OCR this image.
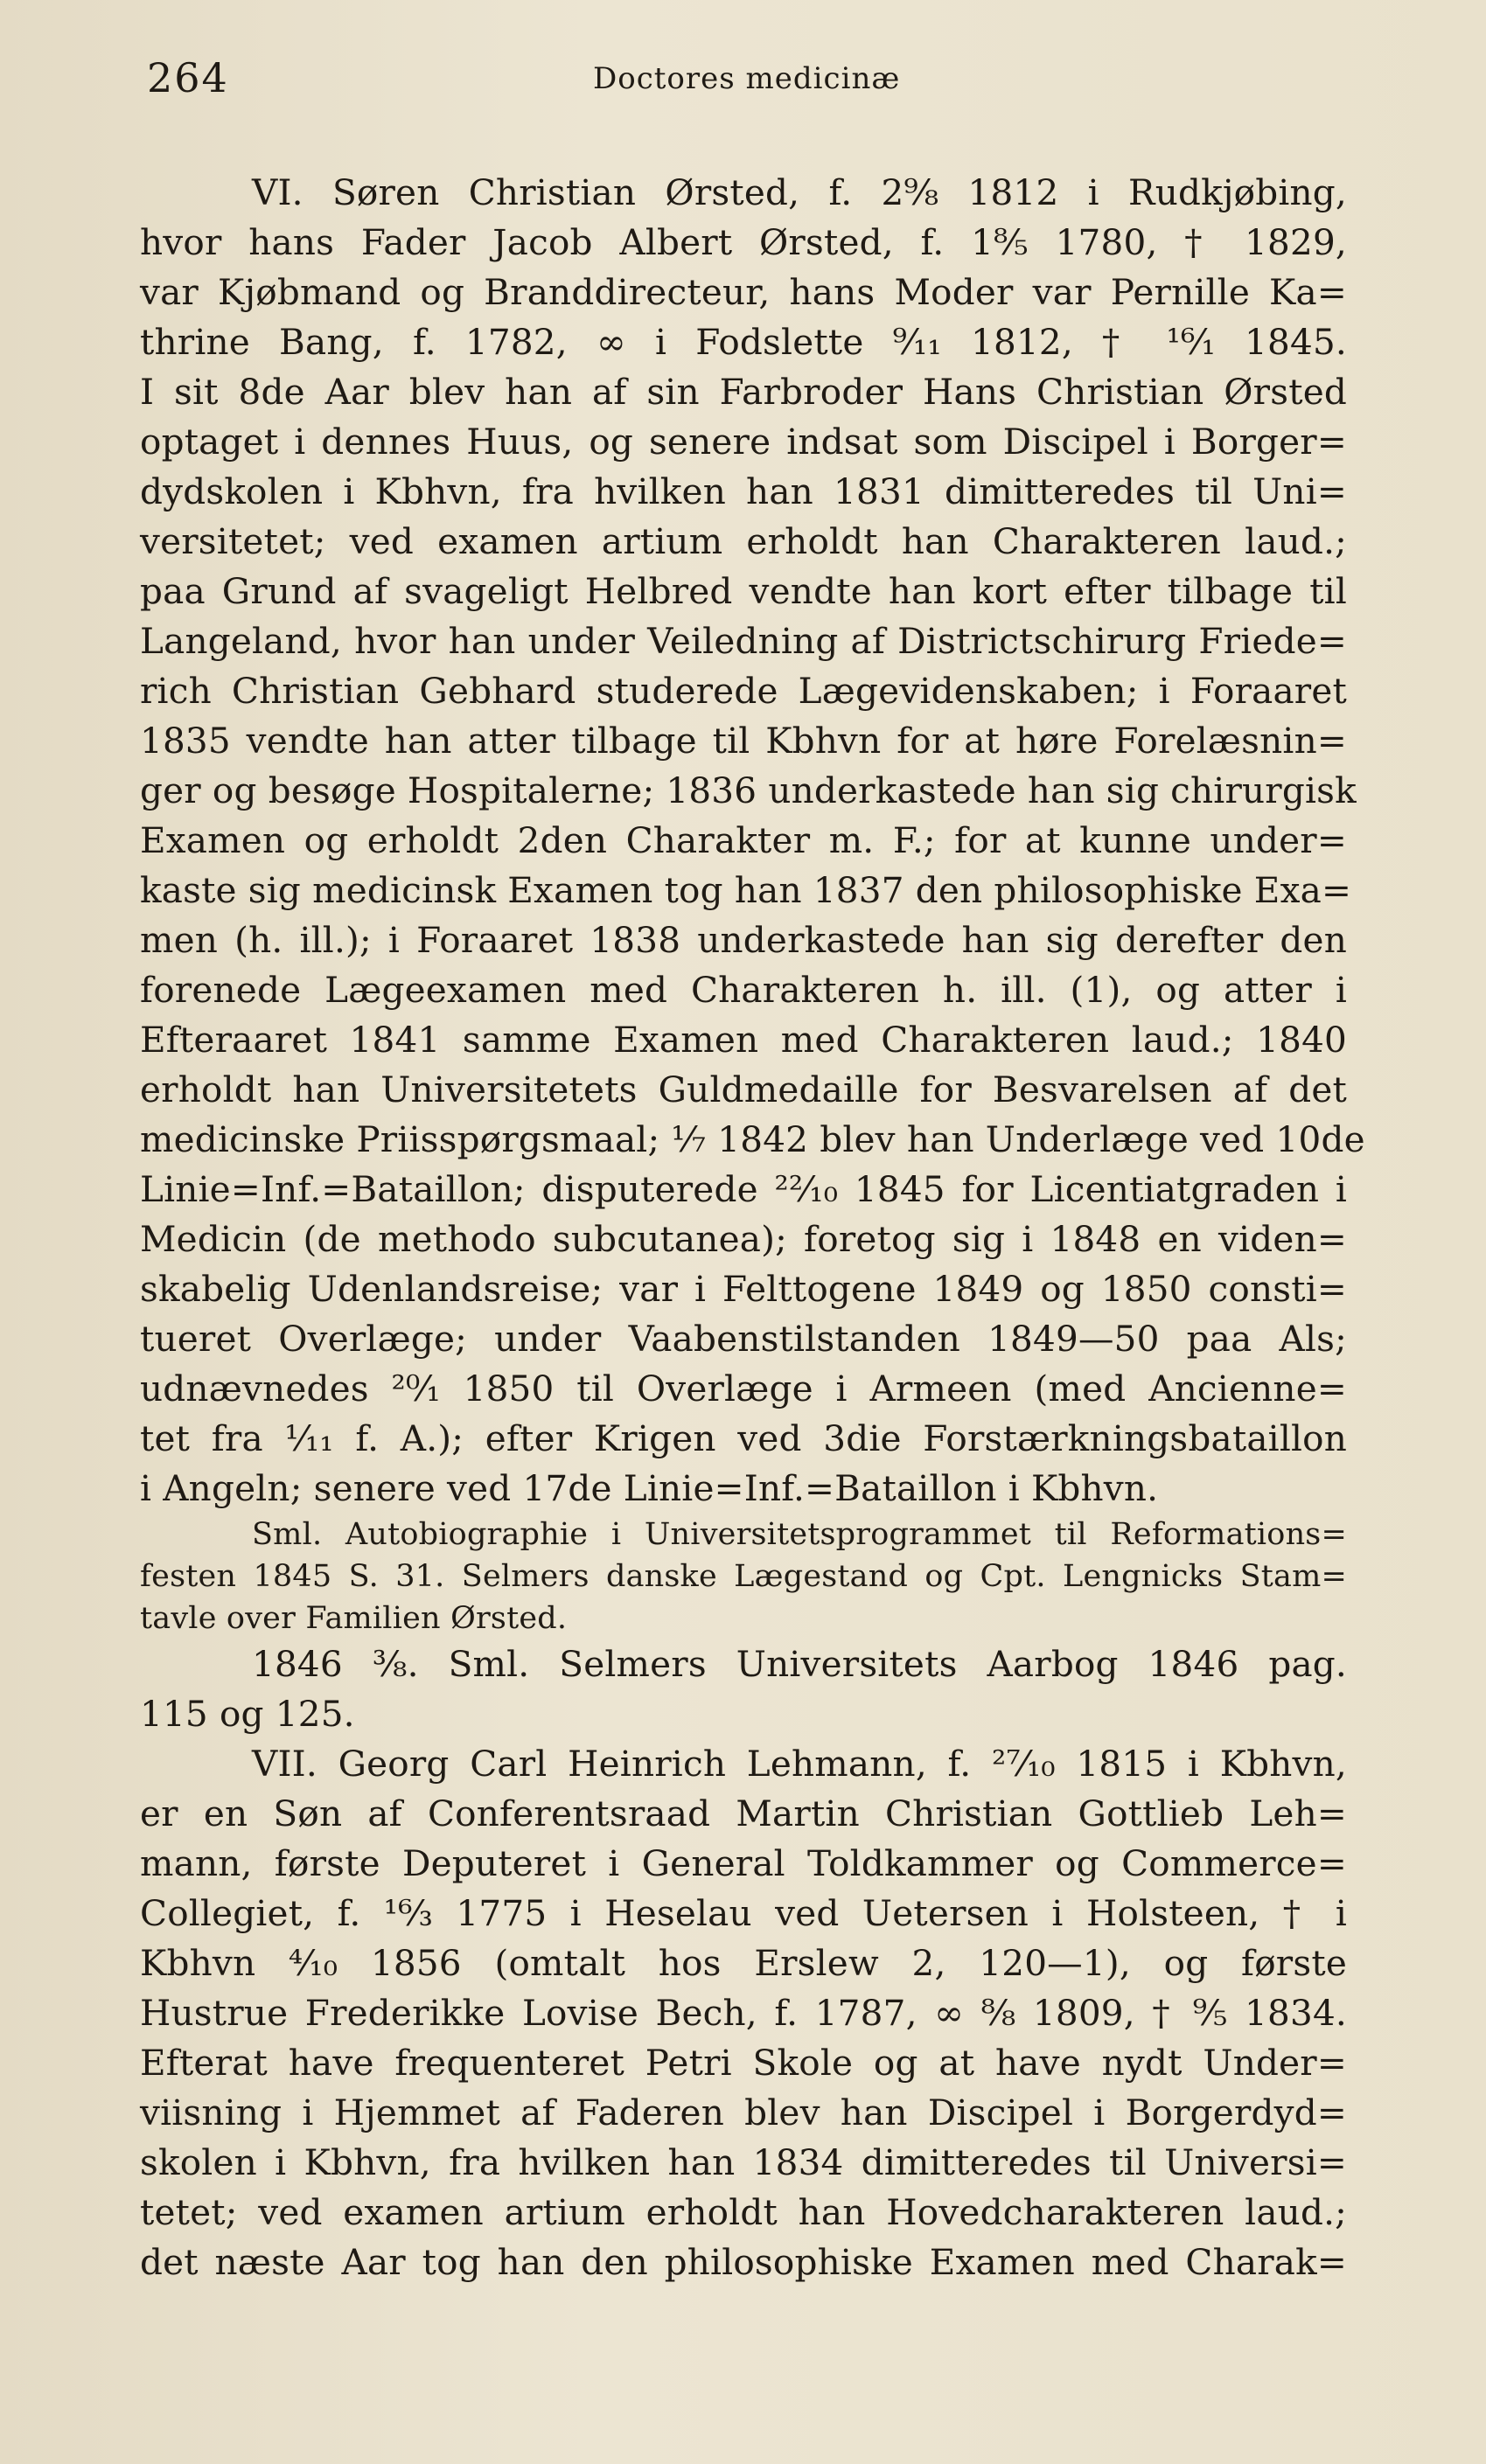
264	Doctores medicinæ
VI. Søren Christian Ørsted, f. 2⁹⁄₈ 1812 i Rudkjøbing,
hvor hans Fader Jacob Albert Ørsted, f. 1⁸⁄₅ 1780, † 1829,
var Kjøbmand og Branddirecteur, hans Moder var Pernille Ka=
thrine Bang, f. 1782, ∞ i Fodslette ⁹⁄₁₁ 1812, † ¹⁶⁄₁ 1845.
I sit 8de Aar blev han af sin Farbroder Hans Christian Ørsted
optaget i dennes Huus, og senere indsat som Discipel i Borger=
dydskolen i Kbhvn, fra hvilken han 1831 dimitteredes til Uni=
versitetet; ved examen artium erholdt han Charakteren laud.;
paa Grund af svageligt Helbred vendte han kort efter tilbage til
Langeland, hvor han under Veiledning af Districtschirurg Friede=
rich Christian Gebhard studerede Lægevidenskaben; i Foraaret
1835 vendte han atter tilbage til Kbhvn for at høre Forelæsnin=
ger og besøge Hospitalerne; 1836 underkastede han sig chirurgisk
Examen og erholdt 2den Charakter m. F.; for at kunne under=
kaste sig medicinsk Examen tog han 1837 den philosophiske Exa=
men (h. ill.); i Foraaret 1838 underkastede han sig derefter den
forenede Lægeexamen med Charakteren h. ill. (1), og atter i
Efteraaret 1841 samme Examen med Charakteren laud.; 1840
erholdt han Universitetets Guldmedaille for Besvarelsen af det
medicinske Priisspørgsmaal; ¹⁄₇ 1842 blev han Underlæge ved 10de
Linie=Inf.=Bataillon; disputerede ²²⁄₁₀ 1845 for Licentiatgraden i
Medicin (de methodo subcutanea); foretog sig i 1848 en viden=
skabelig Udenlandsreise; var i Felttogene 1849 og 1850 consti=
tueret Overlæge; under Vaabenstilstanden 1849—50 paa Als;
udnævnedes ²⁰⁄₁ 1850 til Overlæge i Armeen (med Ancienne=
tet fra ¹⁄₁₁ f. A.); efter Krigen ved 3die Forstærkningsbataillon
i Angeln; senere ved 17de Linie=Inf.=Bataillon i Kbhvn.
Sml. Autobiographie i Universitetsprogrammet til Reformations=
festen 1845 S. 31. Selmers danske Lægestand og Cpt. Lengnicks Stam=
tavle over Familien Ørsted.
1846 ³⁄₈. Sml. Selmers Universitets Aarbog 1846 pag.
115 og 125.
VII. Georg Carl Heinrich Lehmann, f. ²⁷⁄₁₀ 1815 i Kbhvn,
er en Søn af Conferentsraad Martin Christian Gottlieb Leh=
mann, første Deputeret i General Toldkammer og Commerce=
Collegiet, f. ¹⁶⁄₃ 1775 i Heselau ved Uetersen i Holsteen, † i
Kbhvn ⁴⁄₁₀ 1856 (omtalt hos Erslew 2, 120—1), og første
Hustrue Frederikke Lovise Bech, f. 1787, ∞ ⁸⁄₈ 1809, † ⁹⁄₅ 1834.
Efterat have frequenteret Petri Skole og at have nydt Under=
viisning i Hjemmet af Faderen blev han Discipel i Borgerdyd=
skolen i Kbhvn, fra hvilken han 1834 dimitteredes til Universi=
tetet; ved examen artium erholdt han Hovedcharakteren laud.;
det næste Aar tog han den philosophiske Examen med Charak=
